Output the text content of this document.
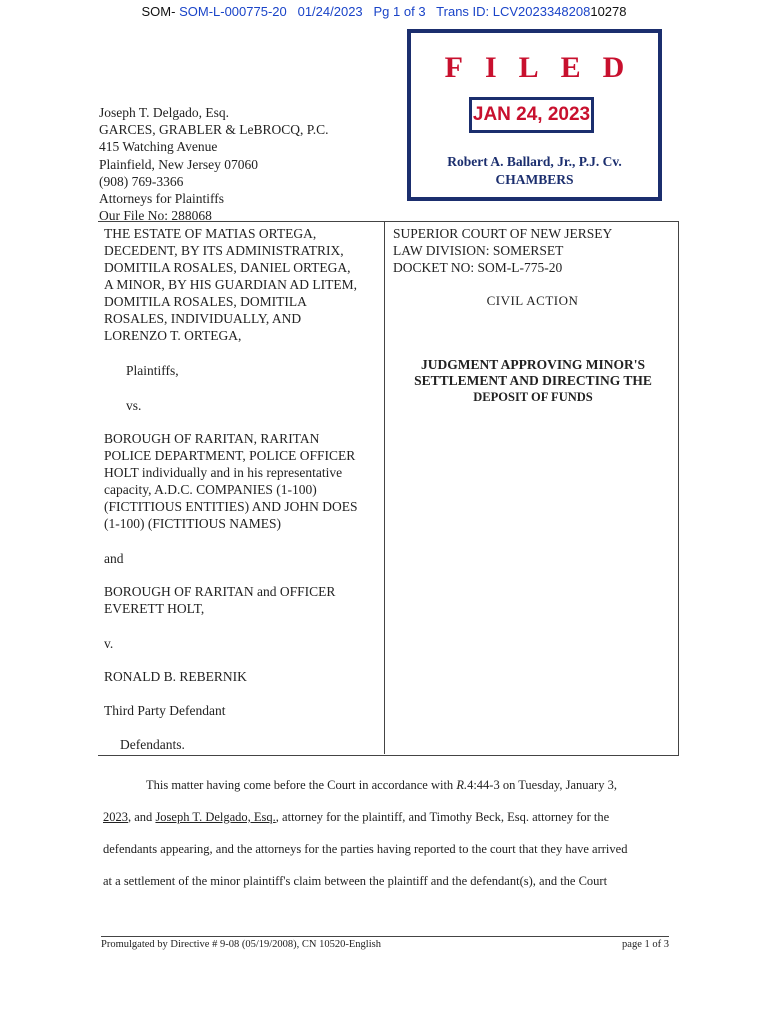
SOM- SOM-L-000775-20 01/24/2023 Pg 1 of 3 Trans ID: LCV202334820810278
FILED
JAN 24, 2023
Robert A. Ballard, Jr., P.J. Cv.
CHAMBERS
Joseph T. Delgado, Esq.
GARCES, GRABLER & LeBROCQ, P.C.
415 Watching Avenue
Plainfield, New Jersey 07060
(908) 769-3366
Attorneys for Plaintiffs
Our File No: 288068
THE ESTATE OF MATIAS ORTEGA,
DECEDENT, BY ITS ADMINISTRATRIX,
DOMITILA ROSALES, DANIEL ORTEGA,
A MINOR, BY HIS GUARDIAN AD LITEM,
DOMITILA ROSALES, DOMITILA
ROSALES, INDIVIDUALLY, AND
LORENZO T. ORTEGA,
Plaintiffs,
vs.
BOROUGH OF RARITAN, RARITAN
POLICE DEPARTMENT, POLICE OFFICER
HOLT individually and in his representative
capacity, A.D.C. COMPANIES (1-100)
(FICTITIOUS ENTITIES) AND JOHN DOES
(1-100) (FICTITIOUS NAMES)
and
BOROUGH OF RARITAN and OFFICER
EVERETT HOLT,
v.
RONALD B. REBERNIK
Third Party Defendant
Defendants.
SUPERIOR COURT OF NEW JERSEY
LAW DIVISION: SOMERSET
DOCKET NO: SOM-L-775-20
CIVIL ACTION
JUDGMENT APPROVING MINOR'S
SETTLEMENT AND DIRECTING THE
DEPOSIT OF FUNDS
This matter having come before the Court in accordance with R.4:44-3 on Tuesday, January 3,
2023, and Joseph T. Delgado, Esq., attorney for the plaintiff, and Timothy Beck, Esq. attorney for the
defendants appearing, and the attorneys for the parties having reported to the court that they have arrived
at a settlement of the minor plaintiff's claim between the plaintiff and the defendant(s), and the Court
Promulgated by Directive # 9-08 (05/19/2008), CN 10520-English	page 1 of 3
